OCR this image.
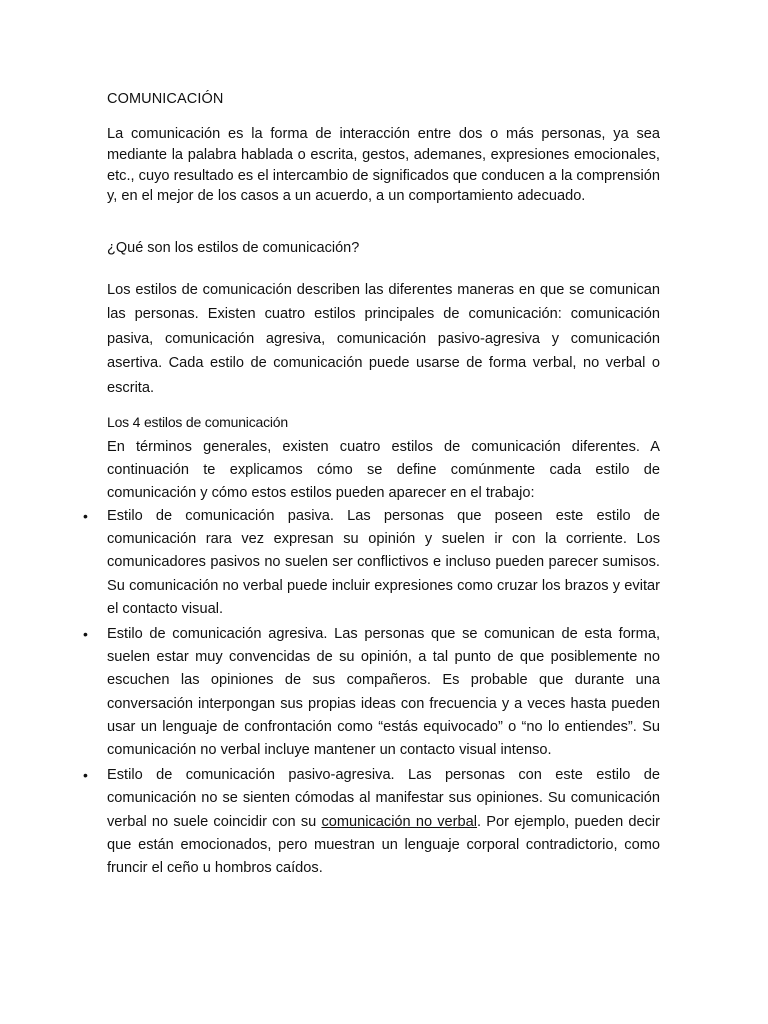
COMUNICACIÓN

La comunicación es la forma de interacción entre dos o más personas, ya sea mediante la palabra hablada o escrita, gestos, ademanes, expresiones emocionales, etc., cuyo resultado es el intercambio de significados que conducen a la comprensión y, en el mejor de los casos a un acuerdo, a un comportamiento adecuado.

¿Qué son los estilos de comunicación?

Los estilos de comunicación describen las diferentes maneras en que se comunican las personas. Existen cuatro estilos principales de comunicación: comunicación pasiva, comunicación agresiva, comunicación pasivo-agresiva y comunicación asertiva. Cada estilo de comunicación puede usarse de forma verbal, no verbal o escrita.

Los 4 estilos de comunicación

En términos generales, existen cuatro estilos de comunicación diferentes. A continuación te explicamos cómo se define comúnmente cada estilo de comunicación y cómo estos estilos pueden aparecer en el trabajo:

• Estilo de comunicación pasiva. Las personas que poseen este estilo de comunicación rara vez expresan su opinión y suelen ir con la corriente. Los comunicadores pasivos no suelen ser conflictivos e incluso pueden parecer sumisos. Su comunicación no verbal puede incluir expresiones como cruzar los brazos y evitar el contacto visual.
• Estilo de comunicación agresiva. Las personas que se comunican de esta forma, suelen estar muy convencidas de su opinión, a tal punto de que posiblemente no escuchen las opiniones de sus compañeros. Es probable que durante una conversación interpongan sus propias ideas con frecuencia y a veces hasta pueden usar un lenguaje de confrontación como “estás equivocado” o “no lo entiendes”. Su comunicación no verbal incluye mantener un contacto visual intenso.
• Estilo de comunicación pasivo-agresiva. Las personas con este estilo de comunicación no se sienten cómodas al manifestar sus opiniones. Su comunicación verbal no suele coincidir con su comunicación no verbal. Por ejemplo, pueden decir que están emocionados, pero muestran un lenguaje corporal contradictorio, como fruncir el ceño u hombros caídos.
